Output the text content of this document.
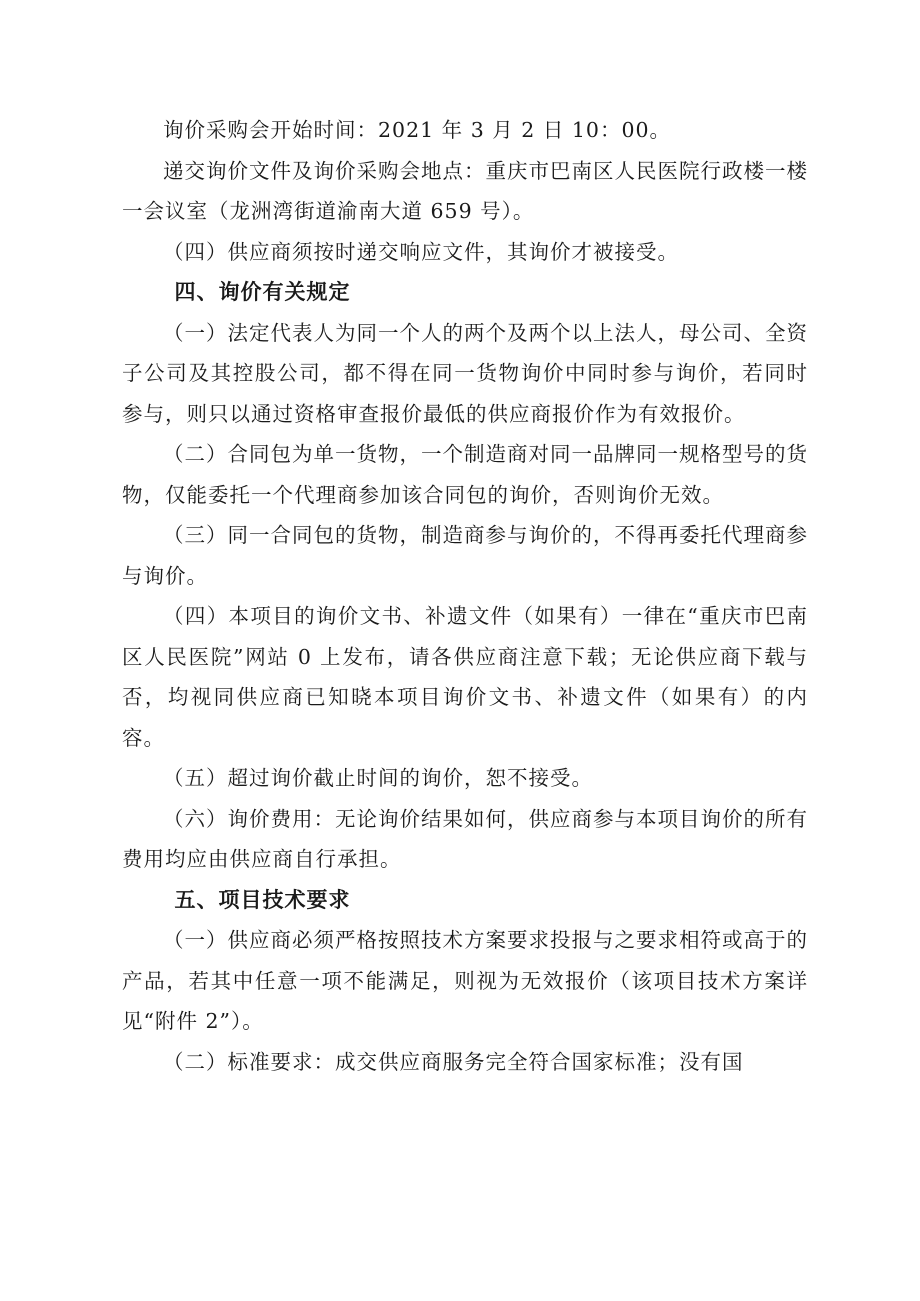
询价采购会开始时间：2021 年 3 月 2 日 10：00。

递交询价文件及询价采购会地点：重庆市巴南区人民医院行政楼一楼一会议室（龙洲湾街道渝南大道 659 号）。

（四）供应商须按时递交响应文件，其询价才被接受。

四、询价有关规定

（一）法定代表人为同一个人的两个及两个以上法人，母公司、全资子公司及其控股公司，都不得在同一货物询价中同时参与询价，若同时参与，则只以通过资格审查报价最低的供应商报价作为有效报价。

（二）合同包为单一货物，一个制造商对同一品牌同一规格型号的货物，仅能委托一个代理商参加该合同包的询价，否则询价无效。

（三）同一合同包的货物，制造商参与询价的，不得再委托代理商参与询价。

（四）本项目的询价文书、补遗文件（如果有）一律在“重庆市巴南区人民医院”网站 0 上发布，请各供应商注意下载；无论供应商下载与否，均视同供应商已知晓本项目询价文书、补遗文件（如果有）的内容。

（五）超过询价截止时间的询价，恕不接受。

（六）询价费用：无论询价结果如何，供应商参与本项目询价的所有费用均应由供应商自行承担。

五、项目技术要求

（一）供应商必须严格按照技术方案要求投报与之要求相符或高于的产品，若其中任意一项不能满足，则视为无效报价（该项目技术方案详见“附件 2”）。

（二）标准要求：成交供应商服务完全符合国家标准；没有国
